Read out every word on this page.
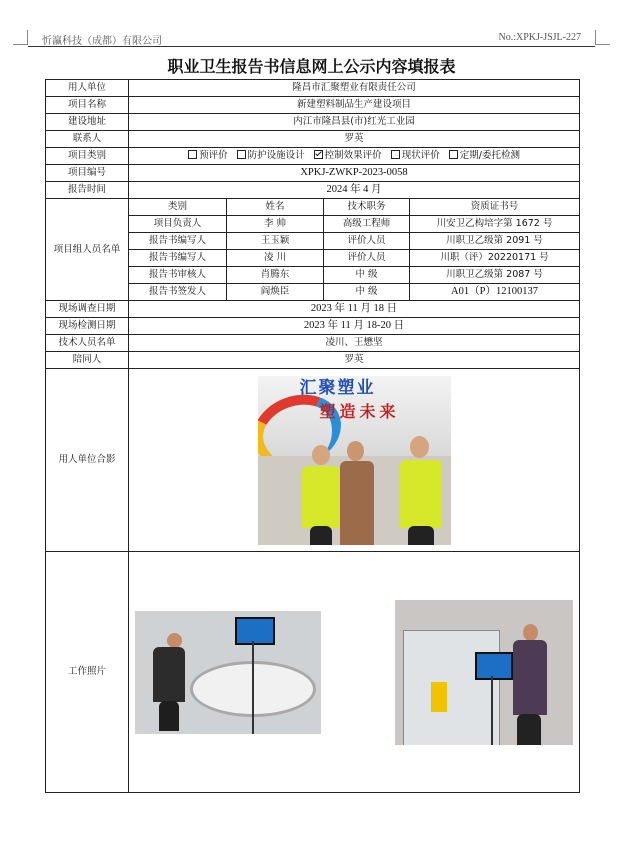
忻瀛科技（成都）有限公司	No.:XPKJ-JSJL-227
职业卫生报告书信息网上公示内容填报表
用人单位	隆昌市汇聚塑业有限责任公司			
项目名称	新建塑料制品生产建设项目			
建设地址	内江市隆昌县(市)红光工业园			
联系人	罗英			
项目类别	预评价 防护设施设计 控制效果评价 现状评价 定期/委托检测			
项目编号	XPKJ-ZWKP-2023-0058			
报告时间	2024 年 4 月			
项目组人员名单	类别	姓名	技术职务	资质证书号
	项目负责人	李 帅	高级工程师	川安卫乙构培字第 1672 号
	报告书编写人	王玉颖	评价人员	川职卫乙级第 2091 号
	报告书编写人	凌 川	评价人员	川职（评）20220171 号
	报告书审核人	肖腾东	中 级	川职卫乙级第 2087 号
	报告书签发人	阎焕臣	中 级	A01（P）12100137
现场调查日期	2023 年 11 月 18 日			
现场检测日期	2023 年 11 月 18-20 日			
技术人员名单	凌川、王懋坚			
陪同人	罗英			
用人单位合影	汇聚塑业
塑造未来			

工作照片				
